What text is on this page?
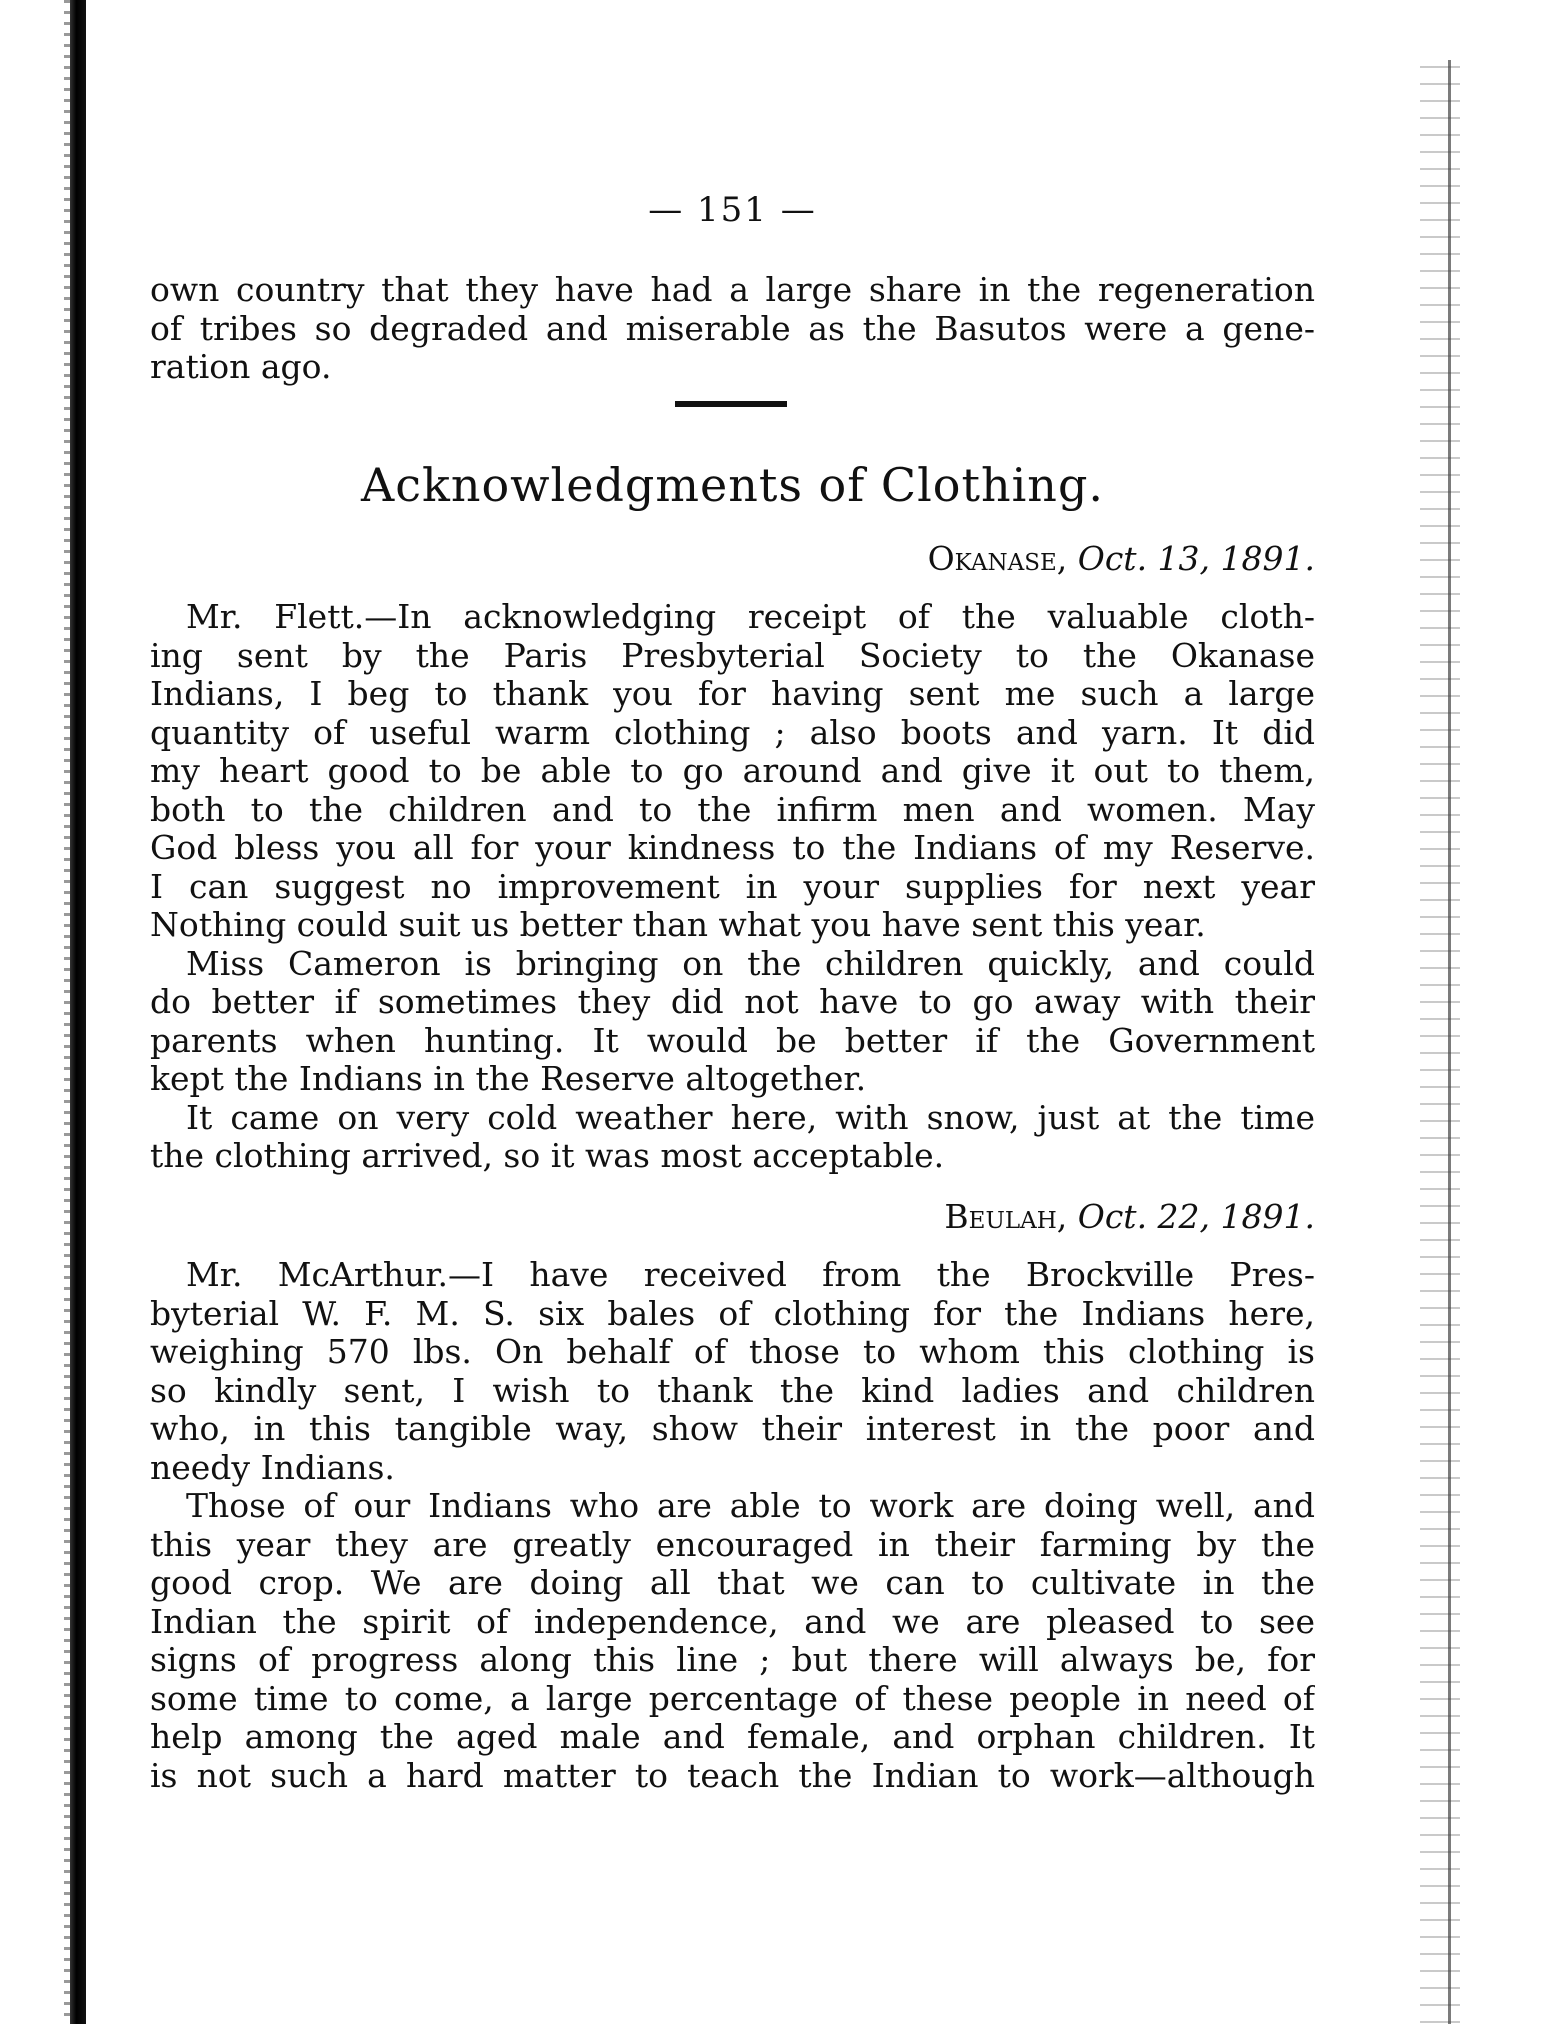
— 151 —
own country that they have had a large share in the regeneration
of tribes so degraded and miserable as the Basutos were a gene-
ration ago.
Acknowledgments of Clothing.
Okanase, Oct. 13, 1891.
Mr. Flett.—In acknowledging receipt of the valuable cloth-
ing sent by the Paris Presbyterial Society to the Okanase
Indians, I beg to thank you for having sent me such a large
quantity of useful warm clothing ; also boots and yarn. It did
my heart good to be able to go around and give it out to them,
both to the children and to the infirm men and women. May
God bless you all for your kindness to the Indians of my Reserve.
I can suggest no improvement in your supplies for next year
Nothing could suit us better than what you have sent this year.
Miss Cameron is bringing on the children quickly, and could
do better if sometimes they did not have to go away with their
parents when hunting. It would be better if the Government
kept the Indians in the Reserve altogether.
It came on very cold weather here, with snow, just at the time
the clothing arrived, so it was most acceptable.
Beulah, Oct. 22, 1891.
Mr. McArthur.—I have received from the Brockville Pres-
byterial W. F. M. S. six bales of clothing for the Indians here,
weighing 570 lbs. On behalf of those to whom this clothing is
so kindly sent, I wish to thank the kind ladies and children
who, in this tangible way, show their interest in the poor and
needy Indians.
Those of our Indians who are able to work are doing well, and
this year they are greatly encouraged in their farming by the
good crop. We are doing all that we can to cultivate in the
Indian the spirit of independence, and we are pleased to see
signs of progress along this line ; but there will always be, for
some time to come, a large percentage of these people in need of
help among the aged male and female, and orphan children. It
is not such a hard matter to teach the Indian to work—although
